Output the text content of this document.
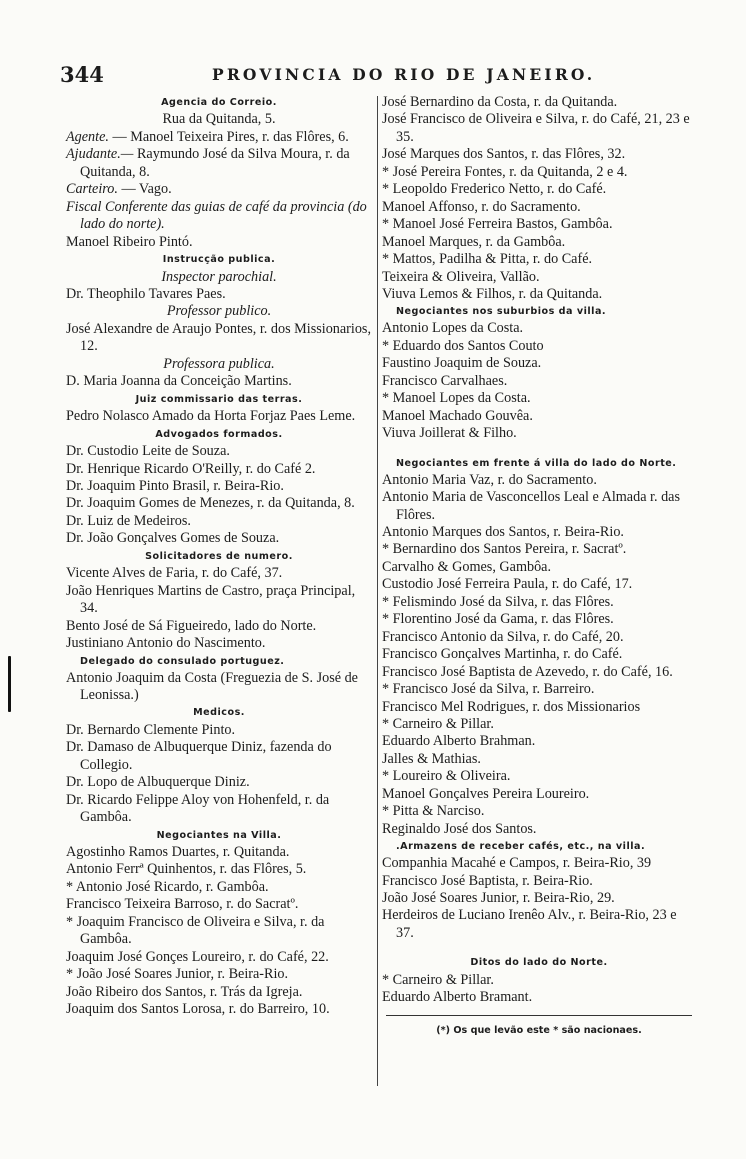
344	PROVINCIA DO RIO DE JANEIRO.
Agencia do Correio.
Rua da Quitanda, 5.
Agente. — Manoel Teixeira Pires, r. das Flôres, 6.
Ajudante.— Raymundo José da Silva Moura, r. da Quitanda, 8.
Carteiro. — Vago.
Fiscal Conferente das guias de café da provincia (do lado do norte).
Manoel Ribeiro Pintó.
Instrucção publica.
Inspector parochial.
Dr. Theophilo Tavares Paes.
Professor publico.
José Alexandre de Araujo Pontes, r. dos Missionarios, 12.
Professora publica.
D. Maria Joanna da Conceição Martins.
Juiz commissario das terras.
Pedro Nolasco Amado da Horta Forjaz Paes Leme.
Advogados formados.
Dr. Custodio Leite de Souza.
Dr. Henrique Ricardo O'Reilly, r. do Café 2.
Dr. Joaquim Pinto Brasil, r. Beira-Rio.
Dr. Joaquim Gomes de Menezes, r. da Quitanda, 8.
Dr. Luiz de Medeiros.
Dr. João Gonçalves Gomes de Souza.
Solicitadores de numero.
Vicente Alves de Faria, r. do Café, 37.
João Henriques Martins de Castro, praça Principal, 34.
Bento José de Sá Figueiredo, lado do Norte.
Justiniano Antonio do Nascimento.
Delegado do consulado portuguez.
Antonio Joaquim da Costa (Freguezia de S. José de Leonissa.)
Medicos.
Dr. Bernardo Clemente Pinto.
Dr. Damaso de Albuquerque Diniz, fazenda do Collegio.
Dr. Lopo de Albuquerque Diniz.
Dr. Ricardo Felippe Aloy von Hohenfeld, r. da Gambôa.
Negociantes na Villa.
Agostinho Ramos Duartes, r. Quitanda.
Antonio Ferrª Quinhentos, r. das Flôres, 5.
* Antonio José Ricardo, r. Gambôa.
Francisco Teixeira Barroso, r. do Sacratº.
* Joaquim Francisco de Oliveira e Silva, r. da Gambôa.
Joaquim José Gonçes Loureiro, r. do Café, 22.
* João José Soares Junior, r. Beira-Rio.
João Ribeiro dos Santos, r. Trás da Igreja.
Joaquim dos Santos Lorosa, r. do Barreiro, 10.
José Bernardino da Costa, r. da Quitanda.
José Francisco de Oliveira e Silva, r. do Café, 21, 23 e 35.
José Marques dos Santos, r. das Flôres, 32.
* José Pereira Fontes, r. da Quitanda, 2 e 4.
* Leopoldo Frederico Netto, r. do Café.
Manoel Affonso, r. do Sacramento.
* Manoel José Ferreira Bastos, Gambôa.
Manoel Marques, r. da Gambôa.
* Mattos, Padilha & Pitta, r. do Café.
Teixeira & Oliveira, Vallão.
Viuva Lemos & Filhos, r. da Quitanda.
Negociantes nos suburbios da villa.
Antonio Lopes da Costa.
* Eduardo dos Santos Couto
Faustino Joaquim de Souza.
Francisco Carvalhaes.
* Manoel Lopes da Costa.
Manoel Machado Gouvêa.
Viuva Joillerat & Filho.
Negociantes em frente á villa do lado do Norte.
Antonio Maria Vaz, r. do Sacramento.
Antonio Maria de Vasconcellos Leal e Almada r. das Flôres.
Antonio Marques dos Santos, r. Beira-Rio.
* Bernardino dos Santos Pereira, r. Sacratº.
Carvalho & Gomes, Gambôa.
Custodio José Ferreira Paula, r. do Café, 17.
* Felismindo José da Silva, r. das Flôres.
* Florentino José da Gama, r. das Flôres.
Francisco Antonio da Silva, r. do Café, 20.
Francisco Gonçalves Martinha, r. do Café.
Francisco José Baptista de Azevedo, r. do Café, 16.
* Francisco José da Silva, r. Barreiro.
Francisco Mel Rodrigues, r. dos Missionarios
* Carneiro & Pillar.
Eduardo Alberto Brahman.
Jalles & Mathias.
* Loureiro & Oliveira.
Manoel Gonçalves Pereira Loureiro.
* Pitta & Narciso.
Reginaldo José dos Santos.
.Armazens de receber cafés, etc., na villa.
Companhia Macahé e Campos, r. Beira-Rio, 39
Francisco José Baptista, r. Beira-Rio.
João José Soares Junior, r. Beira-Rio, 29.
Herdeiros de Luciano Irenêo Alv., r. Beira-Rio, 23 e 37.
Ditos do lado do Norte.
* Carneiro & Pillar.
Eduardo Alberto Bramant.
(*) Os que levão este * são nacionaes.
